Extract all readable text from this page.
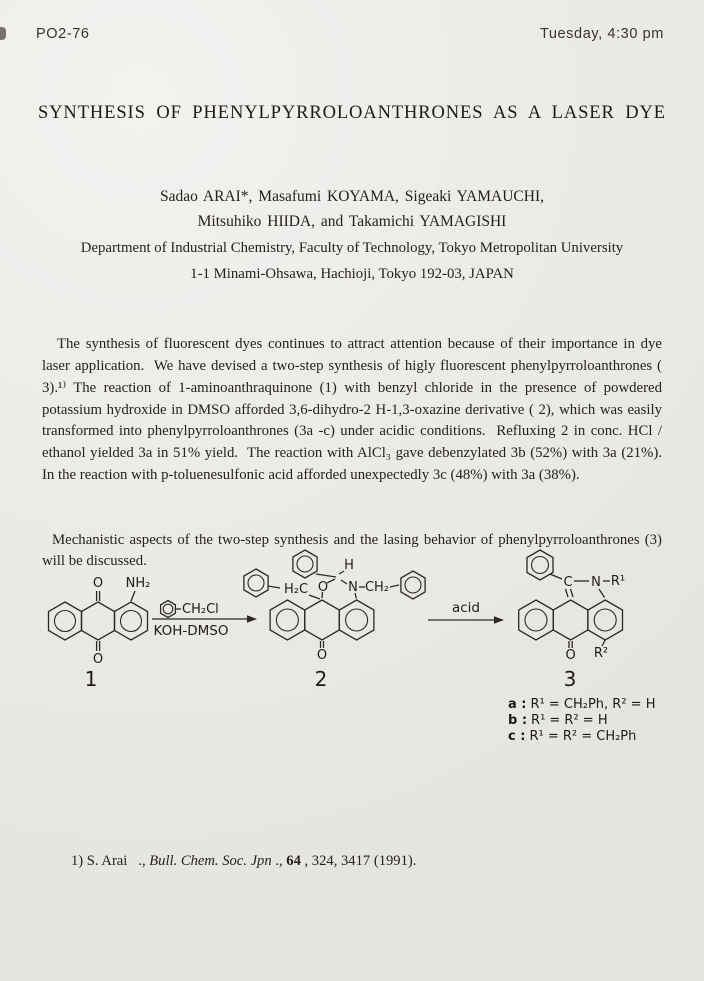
PO2-76	Tuesday, 4:30 pm
SYNTHESIS OF PHENYLPYRROLOANTHRONES AS A LASER DYE
Sadao ARAI*, Masafumi KOYAMA, Sigeaki YAMAUCHI,
Mitsuhiko HIIDA, and Takamichi YAMAGISHI
Department of Industrial Chemistry, Faculty of Technology, Tokyo Metropolitan University
1-1 Minami-Ohsawa, Hachioji, Tokyo 192-03, JAPAN

The synthesis of fluorescent dyes continues to attract attention because of their importance in dye laser application.  We have devised a two-step synthesis of higly fluorescent phenylpyrroloanthrones ( 3).¹⁾ The reaction of 1-aminoanthraquinone (1) with benzyl chloride in the presence of powdered potassium hydroxide in DMSO afforded 3,6-dihydro-2 H-1,3-oxazine derivative ( 2), which was easily transformed into phenylpyrroloanthrones (3a -c) under acidic conditions.  Refluxing 2 in conc. HCl / ethanol yielded 3a in 51% yield.  The reaction with AlCl₃ gave debenzylated 3b (52%) with 3a (21%).  In the reaction with p-toluenesulfonic acid afforded unexpectedly 3c (48%) with 3a (38%).

Mechanistic aspects of the two-step synthesis and the lasing behavior of phenylpyrroloanthrones (3) will be discussed.

O
O
NH₂
1
CH₂Cl
KOH-DMSO
H₂C O
H
N CH₂
O
2
acid
C N R¹
O R²
3
a : R¹ = CH₂Ph, R² = H
b : R¹ = R² = H
c : R¹ = R² = CH₂Ph
1) S. Arai   ., Bull. Chem. Soc. Jpn ., 64 , 324, 3417 (1991).
